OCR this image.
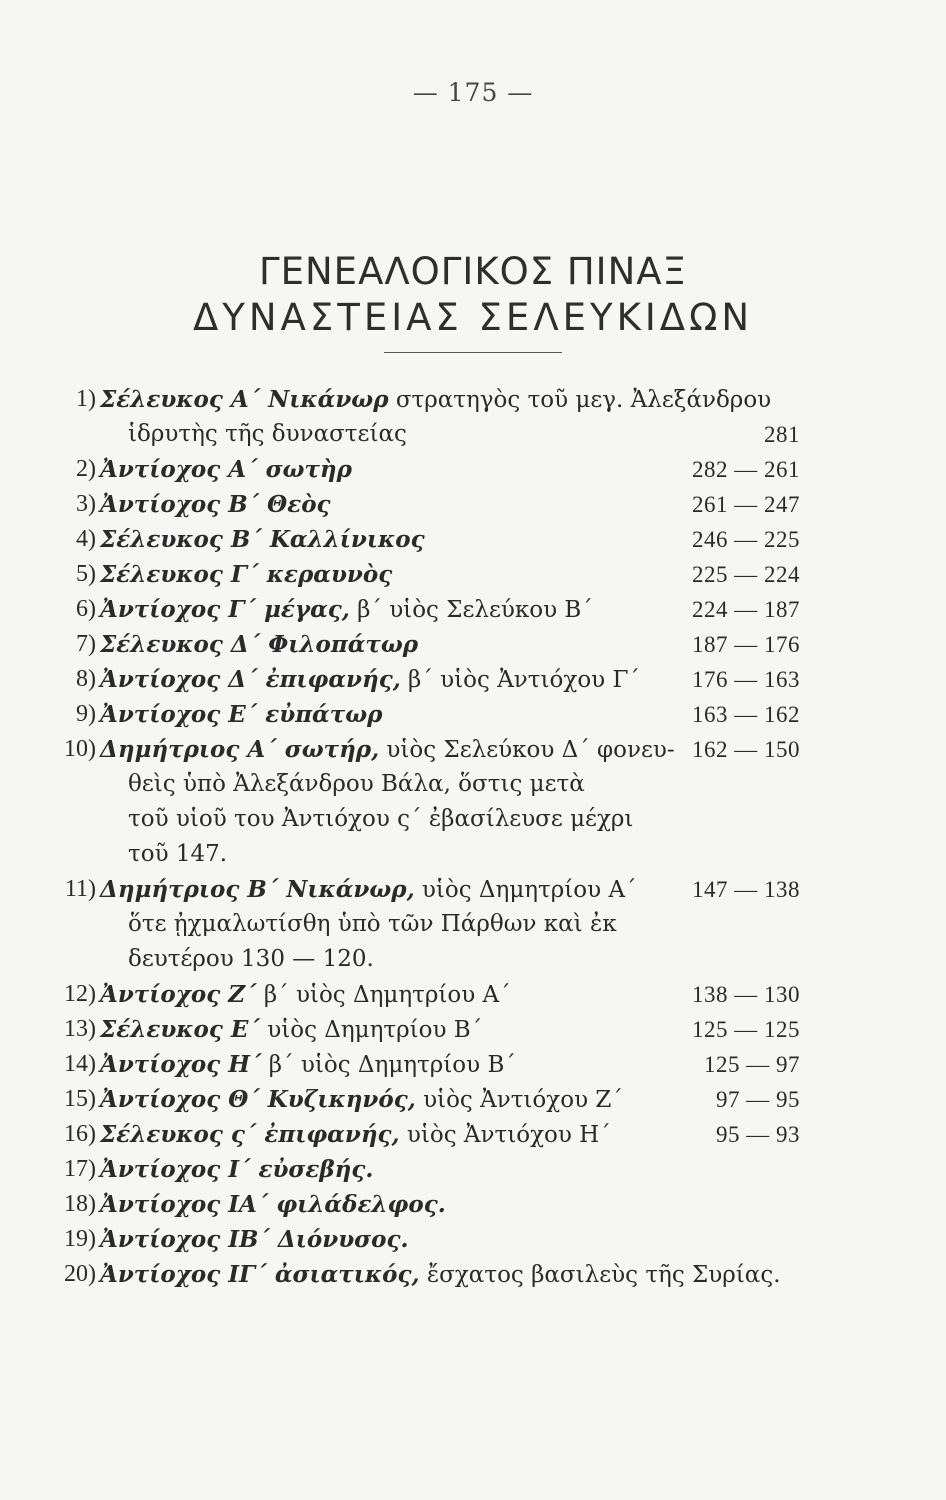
— 175 —
ΓΕΝΕΑΛΟΓΙΚΟΣ ΠΙΝΑΞ
ΔΥΝΑΣΤΕΙΑΣ ΣΕΛΕΥΚΙΔΩΝ
1) Σέλευκος Α΄ Νικάνωρ στρατηγὸς τοῦ μεγ. Ἀλεξάνδρου
ἱδρυτὴς τῆς δυναστείας	281
2) Ἀντίοχος Α΄ σωτὴρ	282 — 261
3) Ἀντίοχος Β΄ Θεὸς	261 — 247
4) Σέλευκος Β΄ Καλλίνικος	246 — 225
5) Σέλευκος Γ΄ κεραυνὸς	225 — 224
6) Ἀντίοχος Γ΄ μέγας, β΄ υἱὸς Σελεύκου Β΄	224 — 187
7) Σέλευκος Δ΄ Φιλοπάτωρ	187 — 176
8) Ἀντίοχος Δ΄ ἐπιφανής, β΄ υἱὸς Ἀντιόχου Γ΄	176 — 163
9) Ἀντίοχος Ε΄ εὐπάτωρ	163 — 162
10) Δημήτριος Α΄ σωτήρ, υἱὸς Σελεύκου Δ΄ φονευ- 162 — 150
θεὶς ὑπὸ Ἀλεξάνδρου Βάλα, ὅστις μετὰ
τοῦ υἱοῦ του Ἀντιόχου ς΄ ἐβασίλευσε μέχρι
τοῦ 147.
11) Δημήτριος Β΄ Νικάνωρ, υἱὸς Δημητρίου Α΄	147 — 138
ὅτε ᾐχμαλωτίσθη ὑπὸ τῶν Πάρθων καὶ ἐκ
δευτέρου 130 — 120.
12) Ἀντίοχος Ζ΄ β΄ υἱὸς Δημητρίου Α΄	138 — 130
13) Σέλευκος Ε΄ υἱὸς Δημητρίου Β΄	125 — 125
14) Ἀντίοχος Η΄ β΄ υἱὸς Δημητρίου Β΄	125 — 97
15) Ἀντίοχος Θ΄ Κυζικηνός, υἱὸς Ἀντιόχου Ζ΄	97 — 95
16) Σέλευκος ς΄ ἐπιφανής, υἱὸς Ἀντιόχου Η΄	95 — 93
17) Ἀντίοχος Ι΄ εὐσεβής.
18) Ἀντίοχος ΙΑ΄ φιλάδελφος.
19) Ἀντίοχος ΙΒ΄ Διόνυσος.
20) Ἀντίοχος ΙΓ΄ ἀσιατικός, ἔσχατος βασιλεὺς τῆς Συρίας.
